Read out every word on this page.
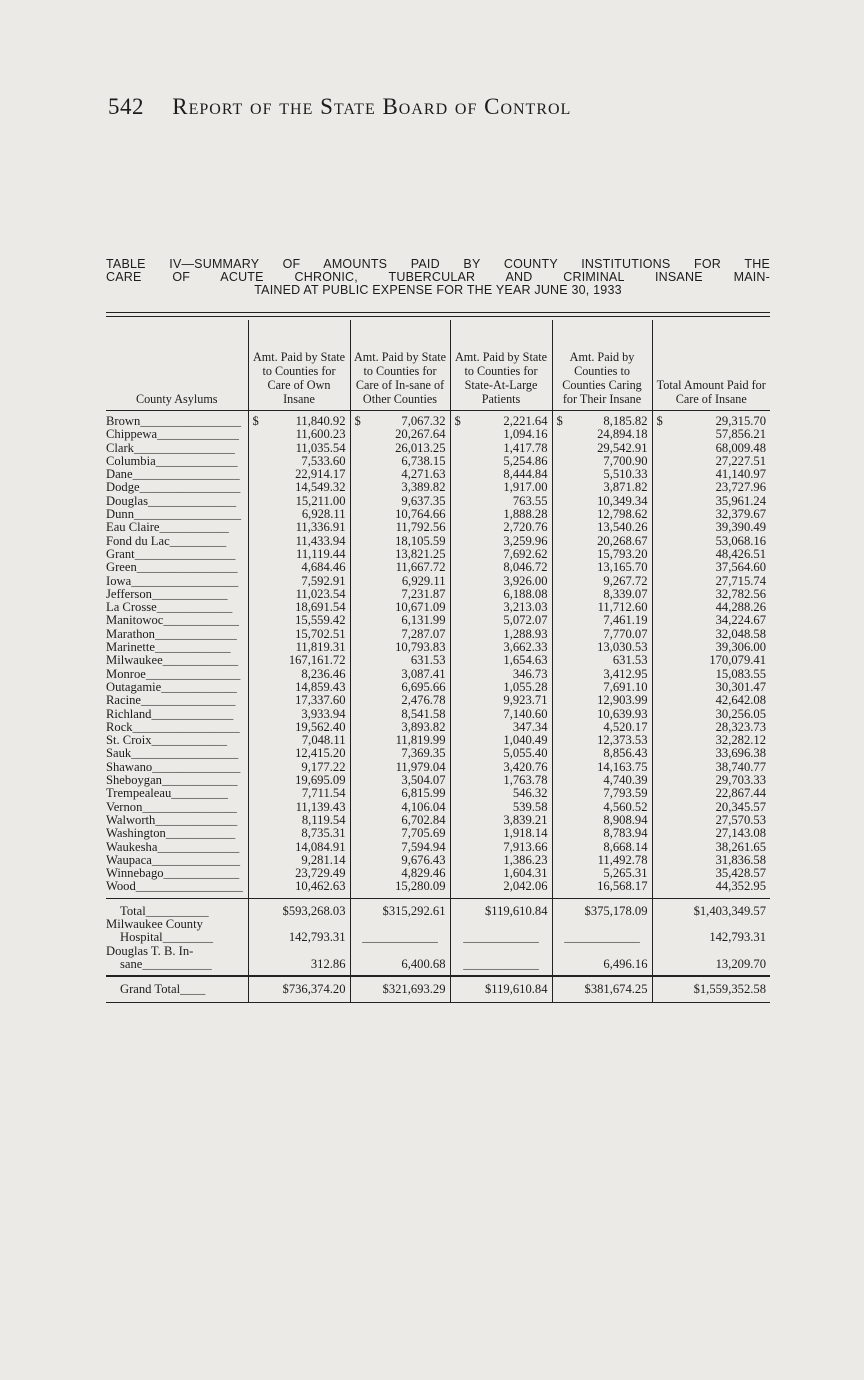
542 Report of the State Board of Control
TABLE IV—SUMMARY OF AMOUNTS PAID BY COUNTY INSTITUTIONS FOR THE
CARE OF ACUTE CHRONIC, TUBERCULAR AND CRIMINAL INSANE MAIN-
TAINED AT PUBLIC EXPENSE FOR THE YEAR JUNE 30, 1933
County Asylums	Amt. Paid by State to Counties for Care of Own Insane	Amt. Paid by State to Counties for Care of In-sane of Other Counties	Amt. Paid by State to Counties for State-At-Large Patients	Amt. Paid by Counties to Counties Caring for Their Insane	Total Amount Paid for Care of Insane
Brown________________	$ 11,840.92	$ 7,067.32	$ 2,221.64	$ 8,185.82	$ 29,315.70
Chippewa_____________	11,600.23	20,267.64	1,094.16	24,894.18	57,856.21
Clark________________	11,035.54	26,013.25	1,417.78	29,542.91	68,009.48
Columbia_____________	7,533.60	6,738.15	5,254.86	7,700.90	27,227.51
Dane_________________	22,914.17	4,271.63	8,444.84	5,510.33	41,140.97
Dodge________________	14,549.32	3,389.82	1,917.00	3,871.82	23,727.96
Douglas______________	15,211.00	9,637.35	763.55	10,349.34	35,961.24
Dunn_________________	6,928.11	10,764.66	1,888.28	12,798.62	32,379.67
Eau Claire___________	11,336.91	11,792.56	2,720.76	13,540.26	39,390.49
Fond du Lac_________	11,433.94	18,105.59	3,259.96	20,268.67	53,068.16
Grant________________	11,119.44	13,821.25	7,692.62	15,793.20	48,426.51
Green________________	4,684.46	11,667.72	8,046.72	13,165.70	37,564.60
Iowa_________________	7,592.91	6,929.11	3,926.00	9,267.72	27,715.74
Jefferson____________	11,023.54	7,231.87	6,188.08	8,339.07	32,782.56
La Crosse____________	18,691.54	10,671.09	3,213.03	11,712.60	44,288.26
Manitowoc____________	15,559.42	6,131.99	5,072.07	7,461.19	34,224.67
Marathon_____________	15,702.51	7,287.07	1,288.93	7,770.07	32,048.58
Marinette____________	11,819.31	10,793.83	3,662.33	13,030.53	39,306.00
Milwaukee____________	167,161.72	631.53	1,654.63	631.53	170,079.41
Monroe_______________	8,236.46	3,087.41	346.73	3,412.95	15,083.55
Outagamie____________	14,859.43	6,695.66	1,055.28	7,691.10	30,301.47
Racine_______________	17,337.60	2,476.78	9,923.71	12,903.99	42,642.08
Richland_____________	3,933.94	8,541.58	7,140.60	10,639.93	30,256.05
Rock_________________	19,562.40	3,893.82	347.34	4,520.17	28,323.73
St. Croix____________	7,048.11	11,819.99	1,040.49	12,373.53	32,282.12
Sauk_________________	12,415.20	7,369.35	5,055.40	8,856.43	33,696.38
Shawano______________	9,177.22	11,979.04	3,420.76	14,163.75	38,740.77
Sheboygan____________	19,695.09	3,504.07	1,763.78	4,740.39	29,703.33
Trempealeau_________	7,711.54	6,815.99	546.32	7,793.59	22,867.44
Vernon_______________	11,139.43	4,106.04	539.58	4,560.52	20,345.57
Walworth_____________	8,119.54	6,702.84	3,839.21	8,908.94	27,570.53
Washington___________	8,735.31	7,705.69	1,918.14	8,783.94	27,143.08
Waukesha_____________	14,084.91	7,594.94	7,913.66	8,668.14	38,261.65
Waupaca______________	9,281.14	9,676.43	1,386.23	11,492.78	31,836.58
Winnebago____________	23,729.49	4,829.46	1,604.31	5,265.31	35,428.57
Wood_________________	10,462.63	15,280.09	2,042.06	16,568.17	44,352.95
Total__________	$593,268.03	$315,292.61	$119,610.84	$375,178.09	$1,403,349.57

Milwaukee County
Hospital________	142,793.31	____________	____________	____________	142,793.31

Douglas T. B. In-
sane___________	312.86	6,400.68	____________	6,496.16	13,209.70
Grand Total____	$736,374.20	$321,693.29	$119,610.84	$381,674.25	$1,559,352.58
